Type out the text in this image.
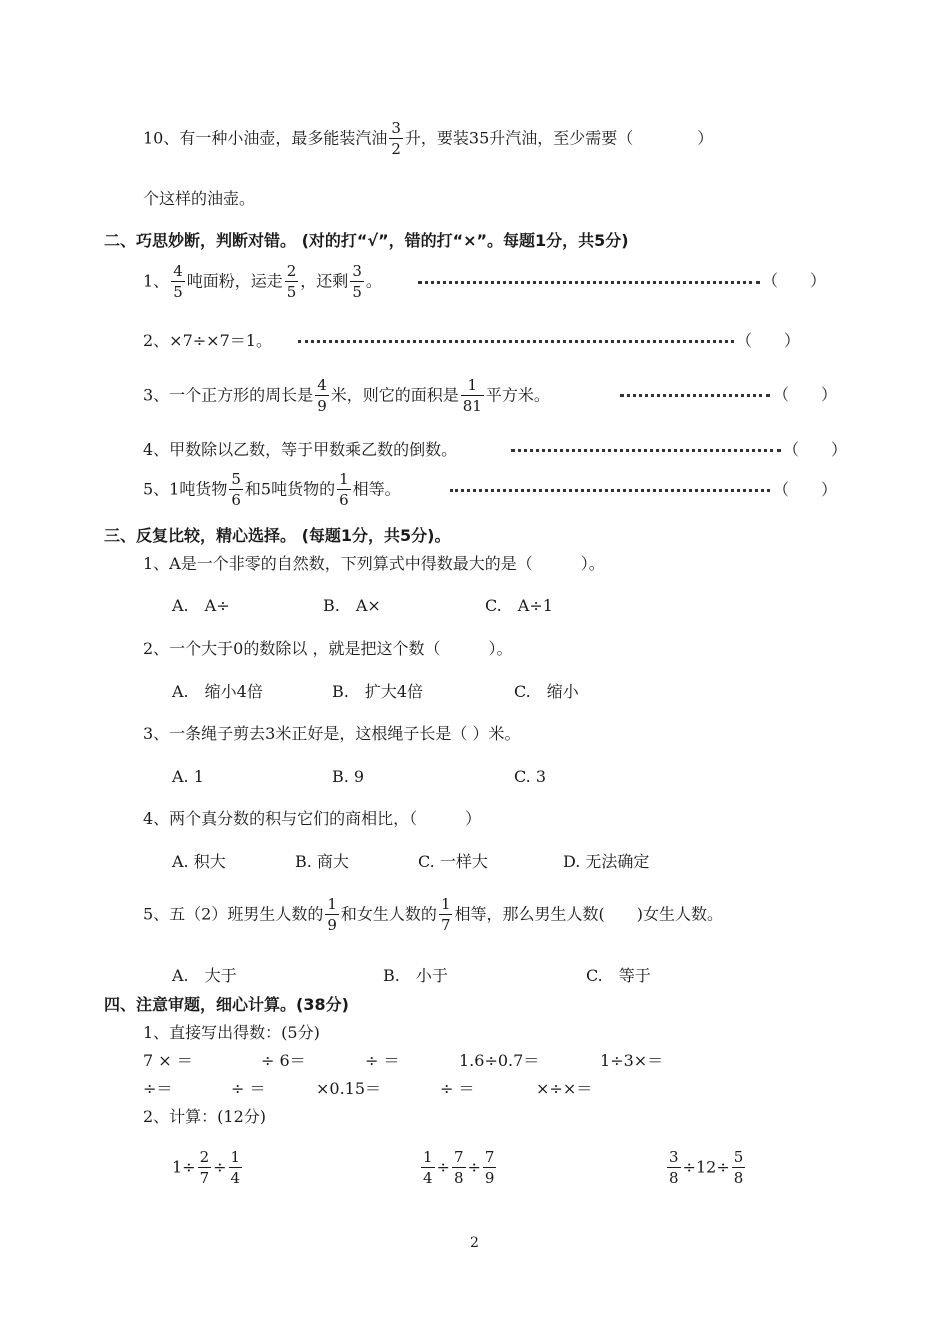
10、有一种小油壶，最多能装汽油 $\frac{3}{2}$ 升，要装35升汽油，至少需要（　　　　）
个这样的油壶。
二、巧思妙断，判断对错。 (对的打“√”，错的打“×”。每题1分，共5分)
1、 $\frac{4}{5}$ 吨面粉，运走 $\frac{2}{5}$ ，还剩 $\frac{3}{5}$ 。	（　　）
2、×7÷×7＝1。	（　　）
3、一个正方形的周长是 $\frac{4}{9}$ 米，则它的面积是 $\frac{1}{81}$ 平方米。	（　　）
4、甲数除以乙数，等于甲数乘乙数的倒数。	（　　）
5、1吨货物 $\frac{5}{6}$ 和5吨货物的 $\frac{1}{6}$ 相等。	（　　）
三、反复比较，精心选择。 (每题1分，共5分)。
1、A是一个非零的自然数，下列算式中得数最大的是（　　　）。
A.　A÷	B.　A×	C.　A÷1
2、一个大于0的数除以 ，就是把这个数（　　　）。
A.　缩小4倍	B.　扩大4倍	C.　缩小
3、一条绳子剪去3米正好是，这根绳子长是（ ）米。
A. 1	B. 9	C. 3
4、两个真分数的积与它们的商相比，（　　　）
A. 积大	B. 商大	C. 一样大	D. 无法确定
5、五（2）班男生人数的 $\frac{1}{9}$ 和女生人数的 $\frac{1}{7}$ 相等，那么男生人数(　　)女生人数。
A.　大于	B.　小于	C.　等于
四、注意审题，细心计算。(38分)
1、直接写出得数：(5分)
7 × ＝	÷ 6＝	÷ ＝	1.6÷0.7＝	1÷3×＝
÷＝	÷ ＝	×0.15＝	÷ ＝	×÷×＝
2、计算：(12分)
$1\div \frac{2}{7} \div \frac{1}{4}$	$\frac{1}{4} \div \frac{7}{8} \div \frac{7}{9}$	$\frac{3}{8} \div 12\div \frac{5}{8}$
2
